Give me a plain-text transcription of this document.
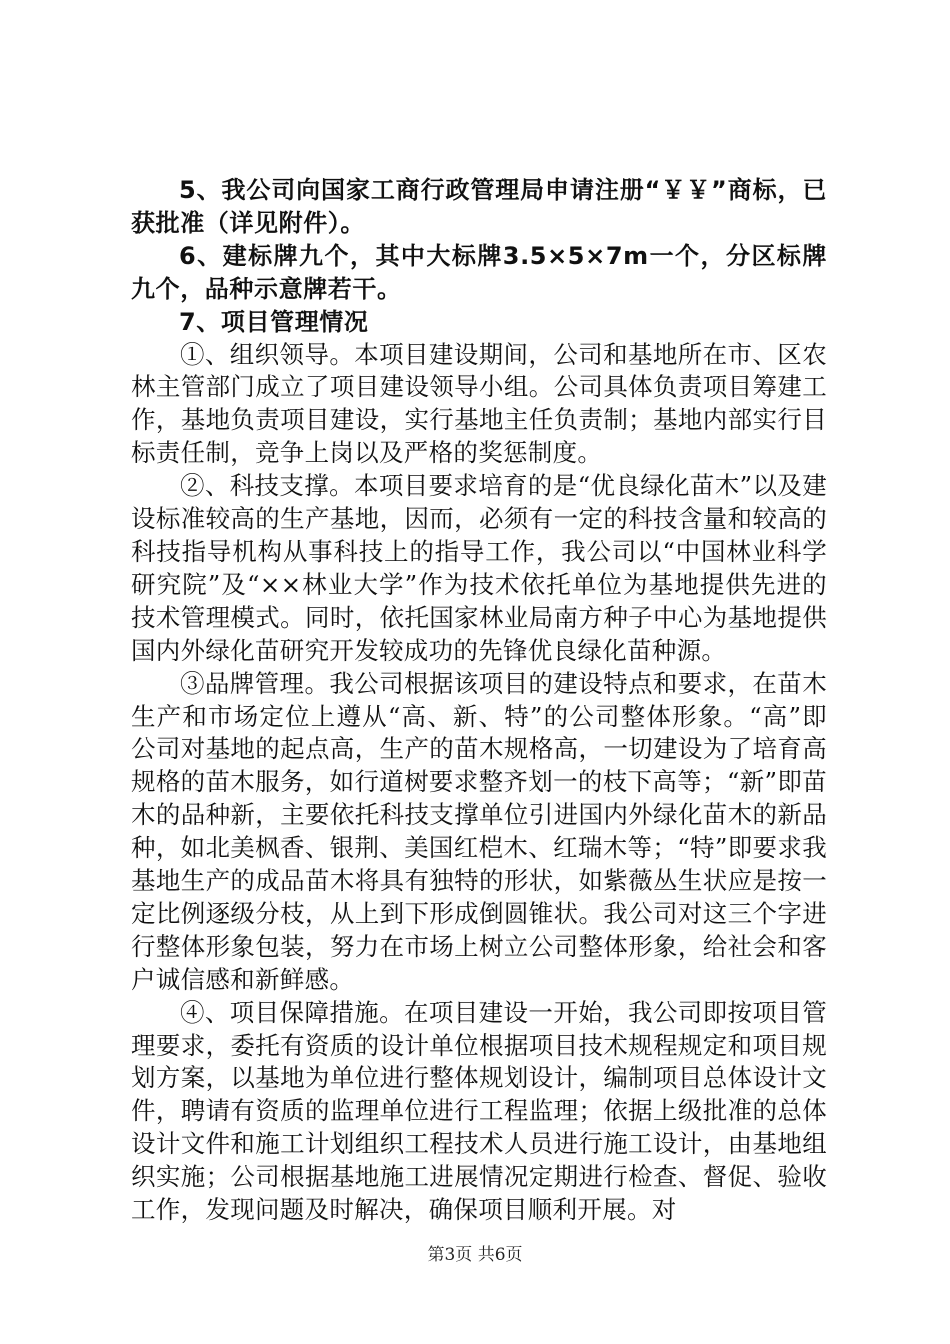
5、我公司向国家工商行政管理局申请注册“￥￥”商标，已获批准（详见附件）。

6、建标牌九个，其中大标牌3.5×5×7m一个，分区标牌九个，品种示意牌若干。

7、项目管理情况

①、组织领导。本项目建设期间，公司和基地所在市、区农林主管部门成立了项目建设领导小组。公司具体负责项目筹建工作，基地负责项目建设，实行基地主任负责制；基地内部实行目标责任制，竞争上岗以及严格的奖惩制度。

②、科技支撑。本项目要求培育的是“优良绿化苗木”以及建设标准较高的生产基地，因而，必须有一定的科技含量和较高的科技指导机构从事科技上的指导工作，我公司以“中国林业科学研究院”及“××林业大学”作为技术依托单位为基地提供先进的技术管理模式。同时，依托国家林业局南方种子中心为基地提供国内外绿化苗研究开发较成功的先锋优良绿化苗种源。

③品牌管理。我公司根据该项目的建设特点和要求，在苗木生产和市场定位上遵从“高、新、特”的公司整体形象。“高”即公司对基地的起点高，生产的苗木规格高，一切建设为了培育高规格的苗木服务，如行道树要求整齐划一的枝下高等；“新”即苗木的品种新，主要依托科技支撑单位引进国内外绿化苗木的新品种，如北美枫香、银荆、美国红桤木、红瑞木等；“特”即要求我基地生产的成品苗木将具有独特的形状，如紫薇丛生状应是按一定比例逐级分枝，从上到下形成倒圆锥状。我公司对这三个字进行整体形象包装，努力在市场上树立公司整体形象，给社会和客户诚信感和新鲜感。

④、项目保障措施。在项目建设一开始，我公司即按项目管理要求，委托有资质的设计单位根据项目技术规程规定和项目规划方案，以基地为单位进行整体规划设计，编制项目总体设计文件，聘请有资质的监理单位进行工程监理；依据上级批准的总体设计文件和施工计划组织工程技术人员进行施工设计，由基地组织实施；公司根据基地施工进展情况定期进行检查、督促、验收工作，发现问题及时解决，确保项目顺利开展。对

第3页 共6页
